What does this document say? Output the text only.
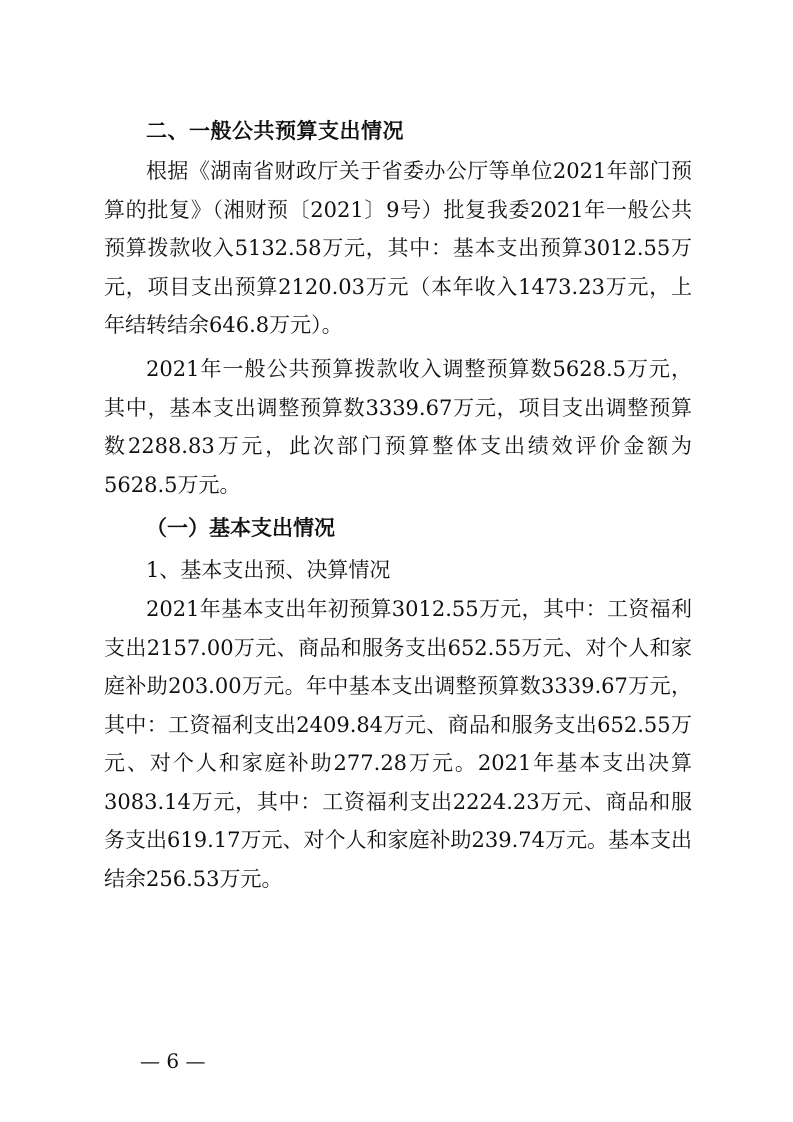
二、一般公共预算支出情况

根据《湖南省财政厅关于省委办公厅等单位2021年部门预算的批复》（湘财预〔2021〕9号）批复我委2021年一般公共预算拨款收入5132.58万元，其中：基本支出预算3012.55万元，项目支出预算2120.03万元（本年收入1473.23万元，上年结转结余646.8万元）。

2021年一般公共预算拨款收入调整预算数5628.5万元，其中，基本支出调整预算数3339.67万元，项目支出调整预算数2288.83万元，此次部门预算整体支出绩效评价金额为5628.5万元。

（一）基本支出情况
1、基本支出预、决算情况

2021年基本支出年初预算3012.55万元，其中：工资福利支出2157.00万元、商品和服务支出652.55万元、对个人和家庭补助203.00万元。年中基本支出调整预算数3339.67万元，其中：工资福利支出2409.84万元、商品和服务支出652.55万元、对个人和家庭补助277.28万元。2021年基本支出决算3083.14万元，其中：工资福利支出2224.23万元、商品和服务支出619.17万元、对个人和家庭补助239.74万元。基本支出结余256.53万元。

— 6 —
